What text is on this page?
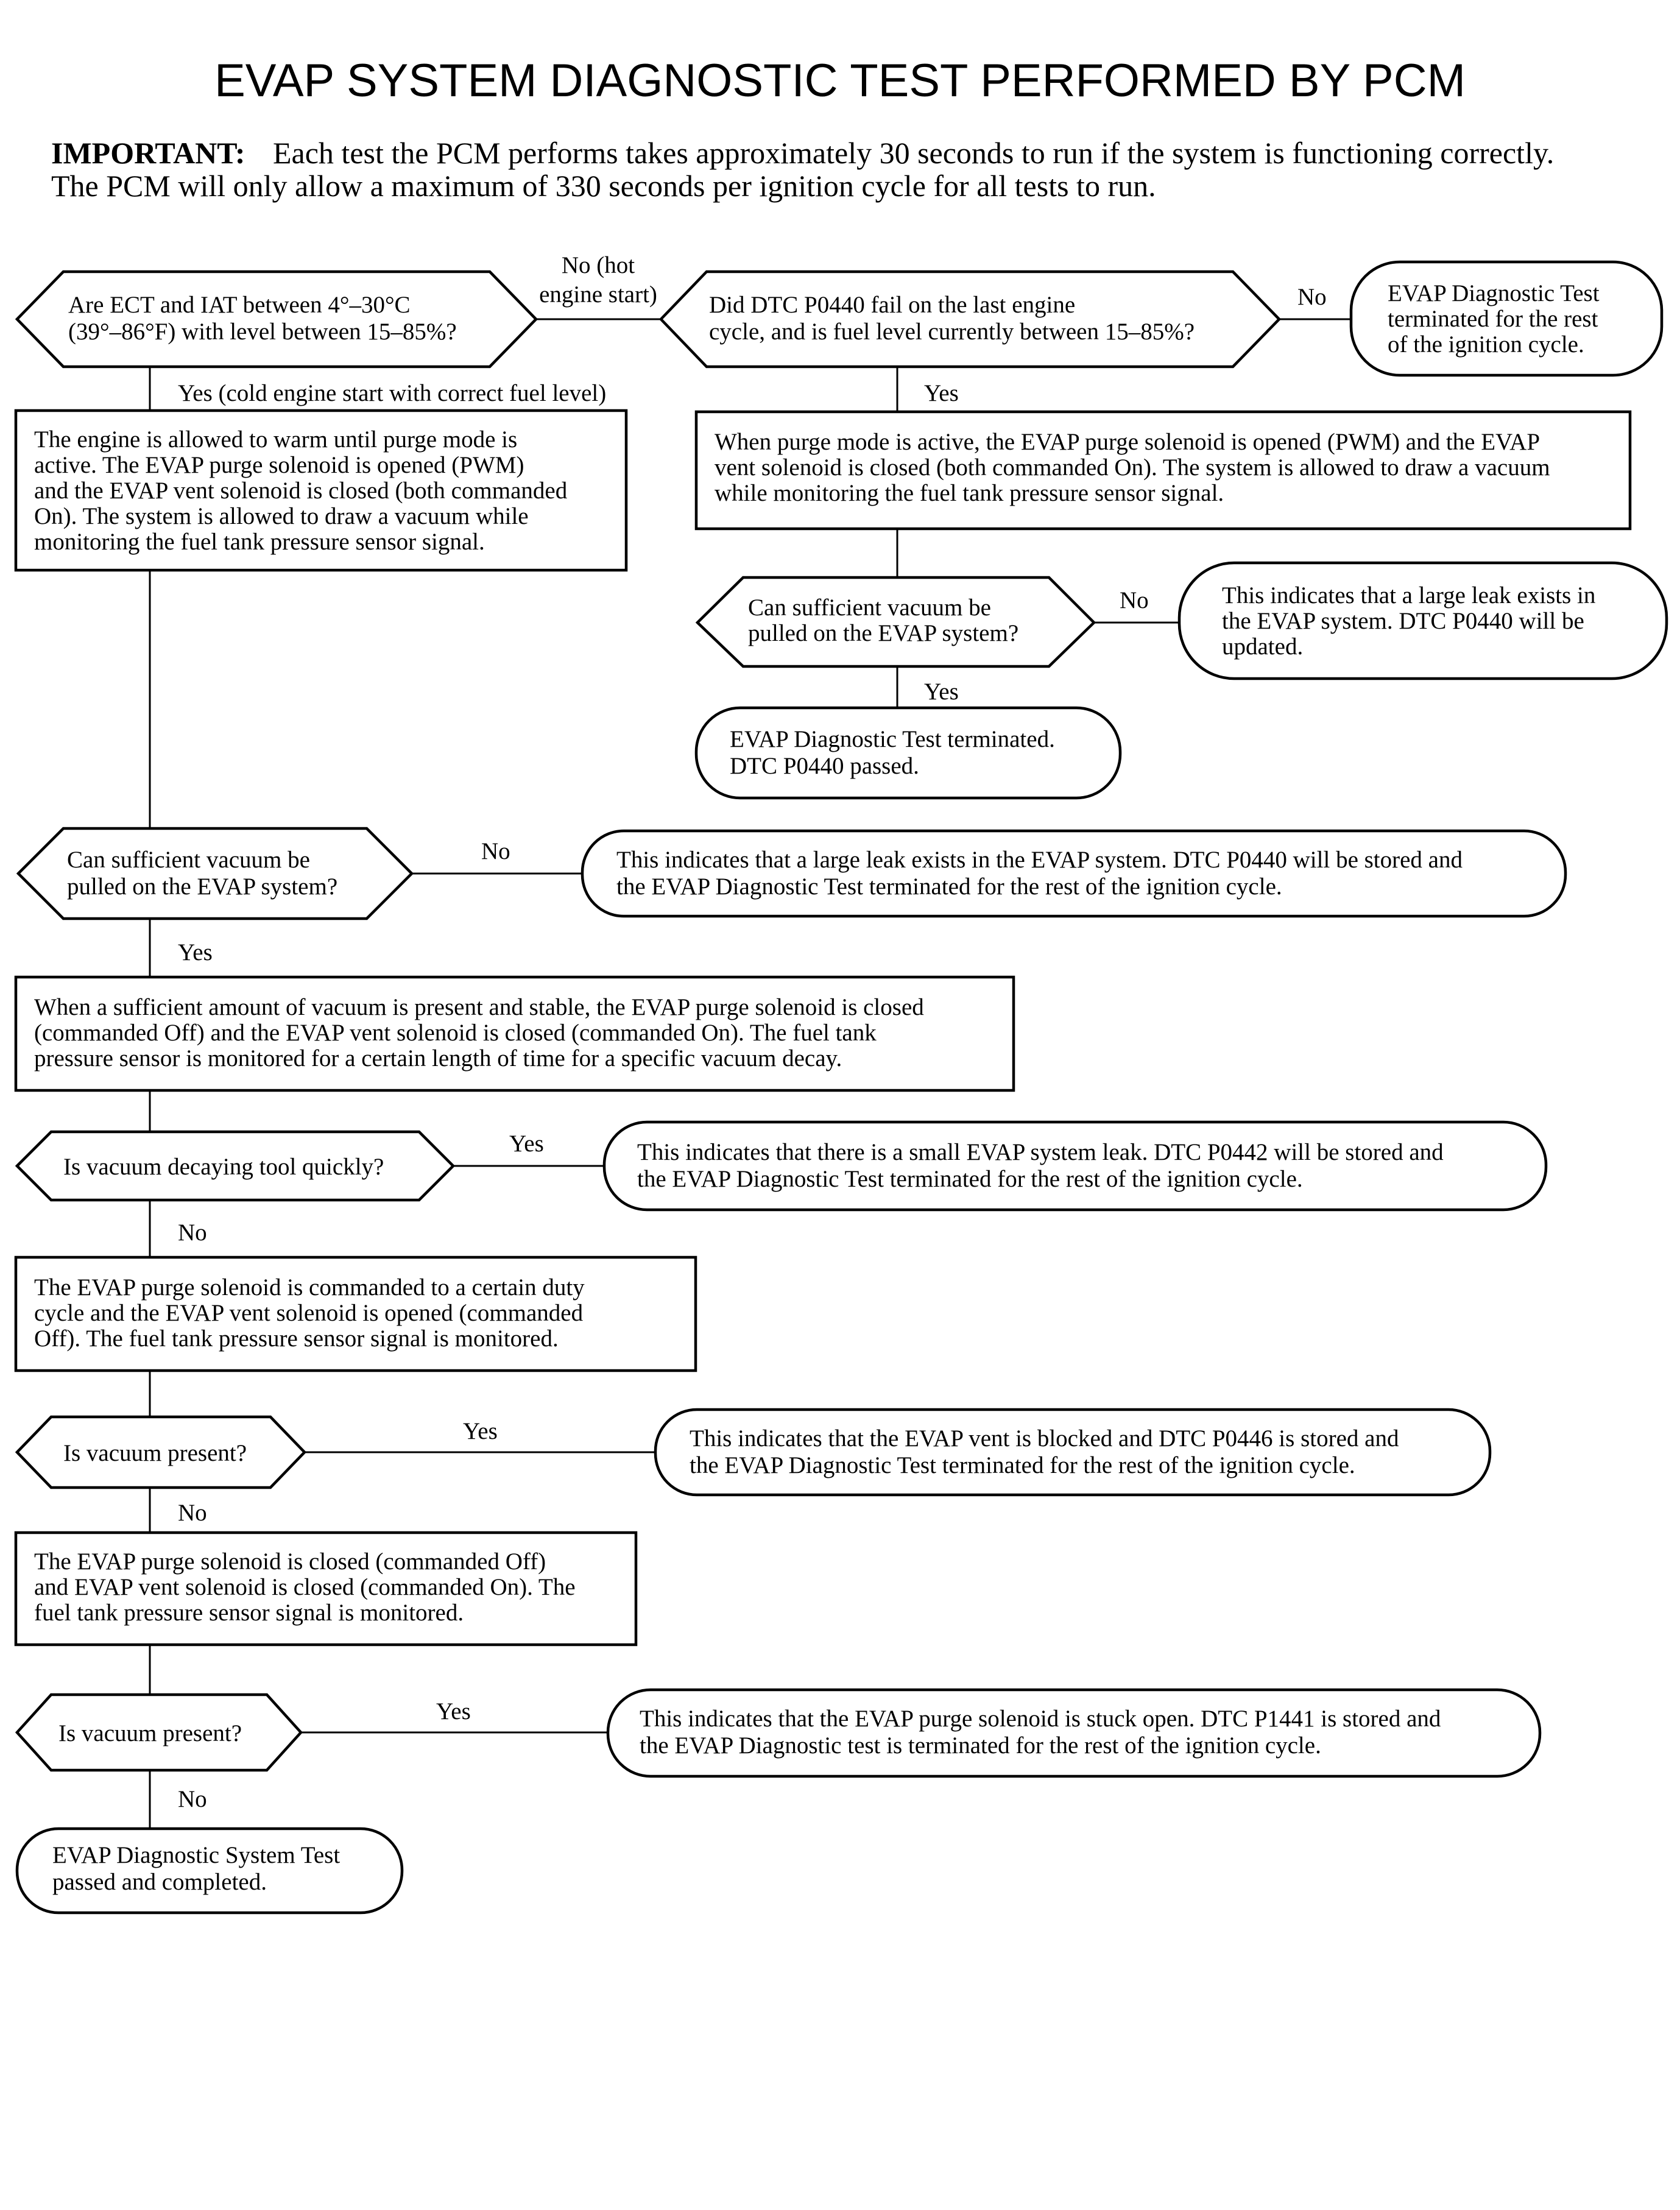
EVAP SYSTEM DIAGNOSTIC TEST PERFORMED BY PCM
IMPORTANT: Each test the PCM performs takes approximately 30 seconds to run if the system is functioning correctly.
The PCM will only allow a maximum of 330 seconds per ignition cycle for all tests to run.
Are ECT and IAT between 4°–30°C (39°–86°F) with level between 15–85%?
Did DTC P0440 fail on the last engine cycle, and is fuel level currently between 15–85%?
EVAP Diagnostic Test terminated for the rest of the ignition cycle.
The engine is allowed to warm until purge mode is active. The EVAP purge solenoid is opened (PWM) and the EVAP vent solenoid is closed (both commanded On). The system is allowed to draw a vacuum while monitoring the fuel tank pressure sensor signal.
When purge mode is active, the EVAP purge solenoid is opened (PWM) and the EVAP vent solenoid is closed (both commanded On). The system is allowed to draw a vacuum while monitoring the fuel tank pressure sensor signal.
Can sufficient vacuum be pulled on the EVAP system?
This indicates that a large leak exists in the EVAP system. DTC P0440 will be updated.
EVAP Diagnostic Test terminated. DTC P0440 passed.
Can sufficient vacuum be pulled on the EVAP system?
This indicates that a large leak exists in the EVAP system. DTC P0440 will be stored and the EVAP Diagnostic Test terminated for the rest of the ignition cycle.
When a sufficient amount of vacuum is present and stable, the EVAP purge solenoid is closed (commanded Off) and the EVAP vent solenoid is closed (commanded On). The fuel tank pressure sensor is monitored for a certain length of time for a specific vacuum decay.
Is vacuum decaying tool quickly?
This indicates that there is a small EVAP system leak. DTC P0442 will be stored and the EVAP Diagnostic Test terminated for the rest of the ignition cycle.
The EVAP purge solenoid is commanded to a certain duty cycle and the EVAP vent solenoid is opened (commanded Off). The fuel tank pressure sensor signal is monitored.
Is vacuum present?
This indicates that the EVAP vent is blocked and DTC P0446 is stored and the EVAP Diagnostic Test terminated for the rest of the ignition cycle.
The EVAP purge solenoid is closed (commanded Off) and EVAP vent solenoid is closed (commanded On). The fuel tank pressure sensor signal is monitored.
Is vacuum present?
This indicates that the EVAP purge solenoid is stuck open. DTC P1441 is stored and the EVAP Diagnostic test is terminated for the rest of the ignition cycle.
EVAP Diagnostic System Test passed and completed.
No (hot engine start)	No
Yes (cold engine start with correct fuel level)	Yes
No
Yes
No
Yes
Yes
No
Yes
No
Yes
No
